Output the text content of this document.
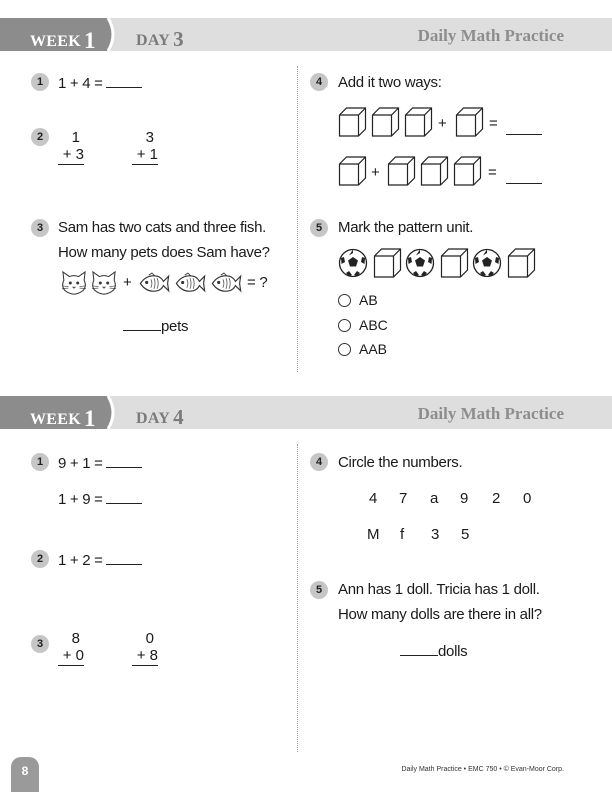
WEEK 1	DAY 3	Daily Math Practice
1 1 + 4 =
2	1
+ 3
3
+ 1
3 Sam has two cats and three fish.
How many pets does Sam have?
+	= ?
pets
4	Add it two ways:
+	=
+	=
5	Mark the pattern unit.
AB
ABC
AAB
WEEK 1	DAY 4	Daily Math Practice
1 9 + 1 =
1 + 9 =
2 1 + 2 =
3	8
+ 0
0
+ 8
4	Circle the numbers.
4 7 a 9 2 0
M f 3 5
5	Ann has 1 doll. Tricia has 1 doll.
How many dolls are there in all?
dolls
8	Daily Math Practice • EMC 750 • © Evan-Moor Corp.
